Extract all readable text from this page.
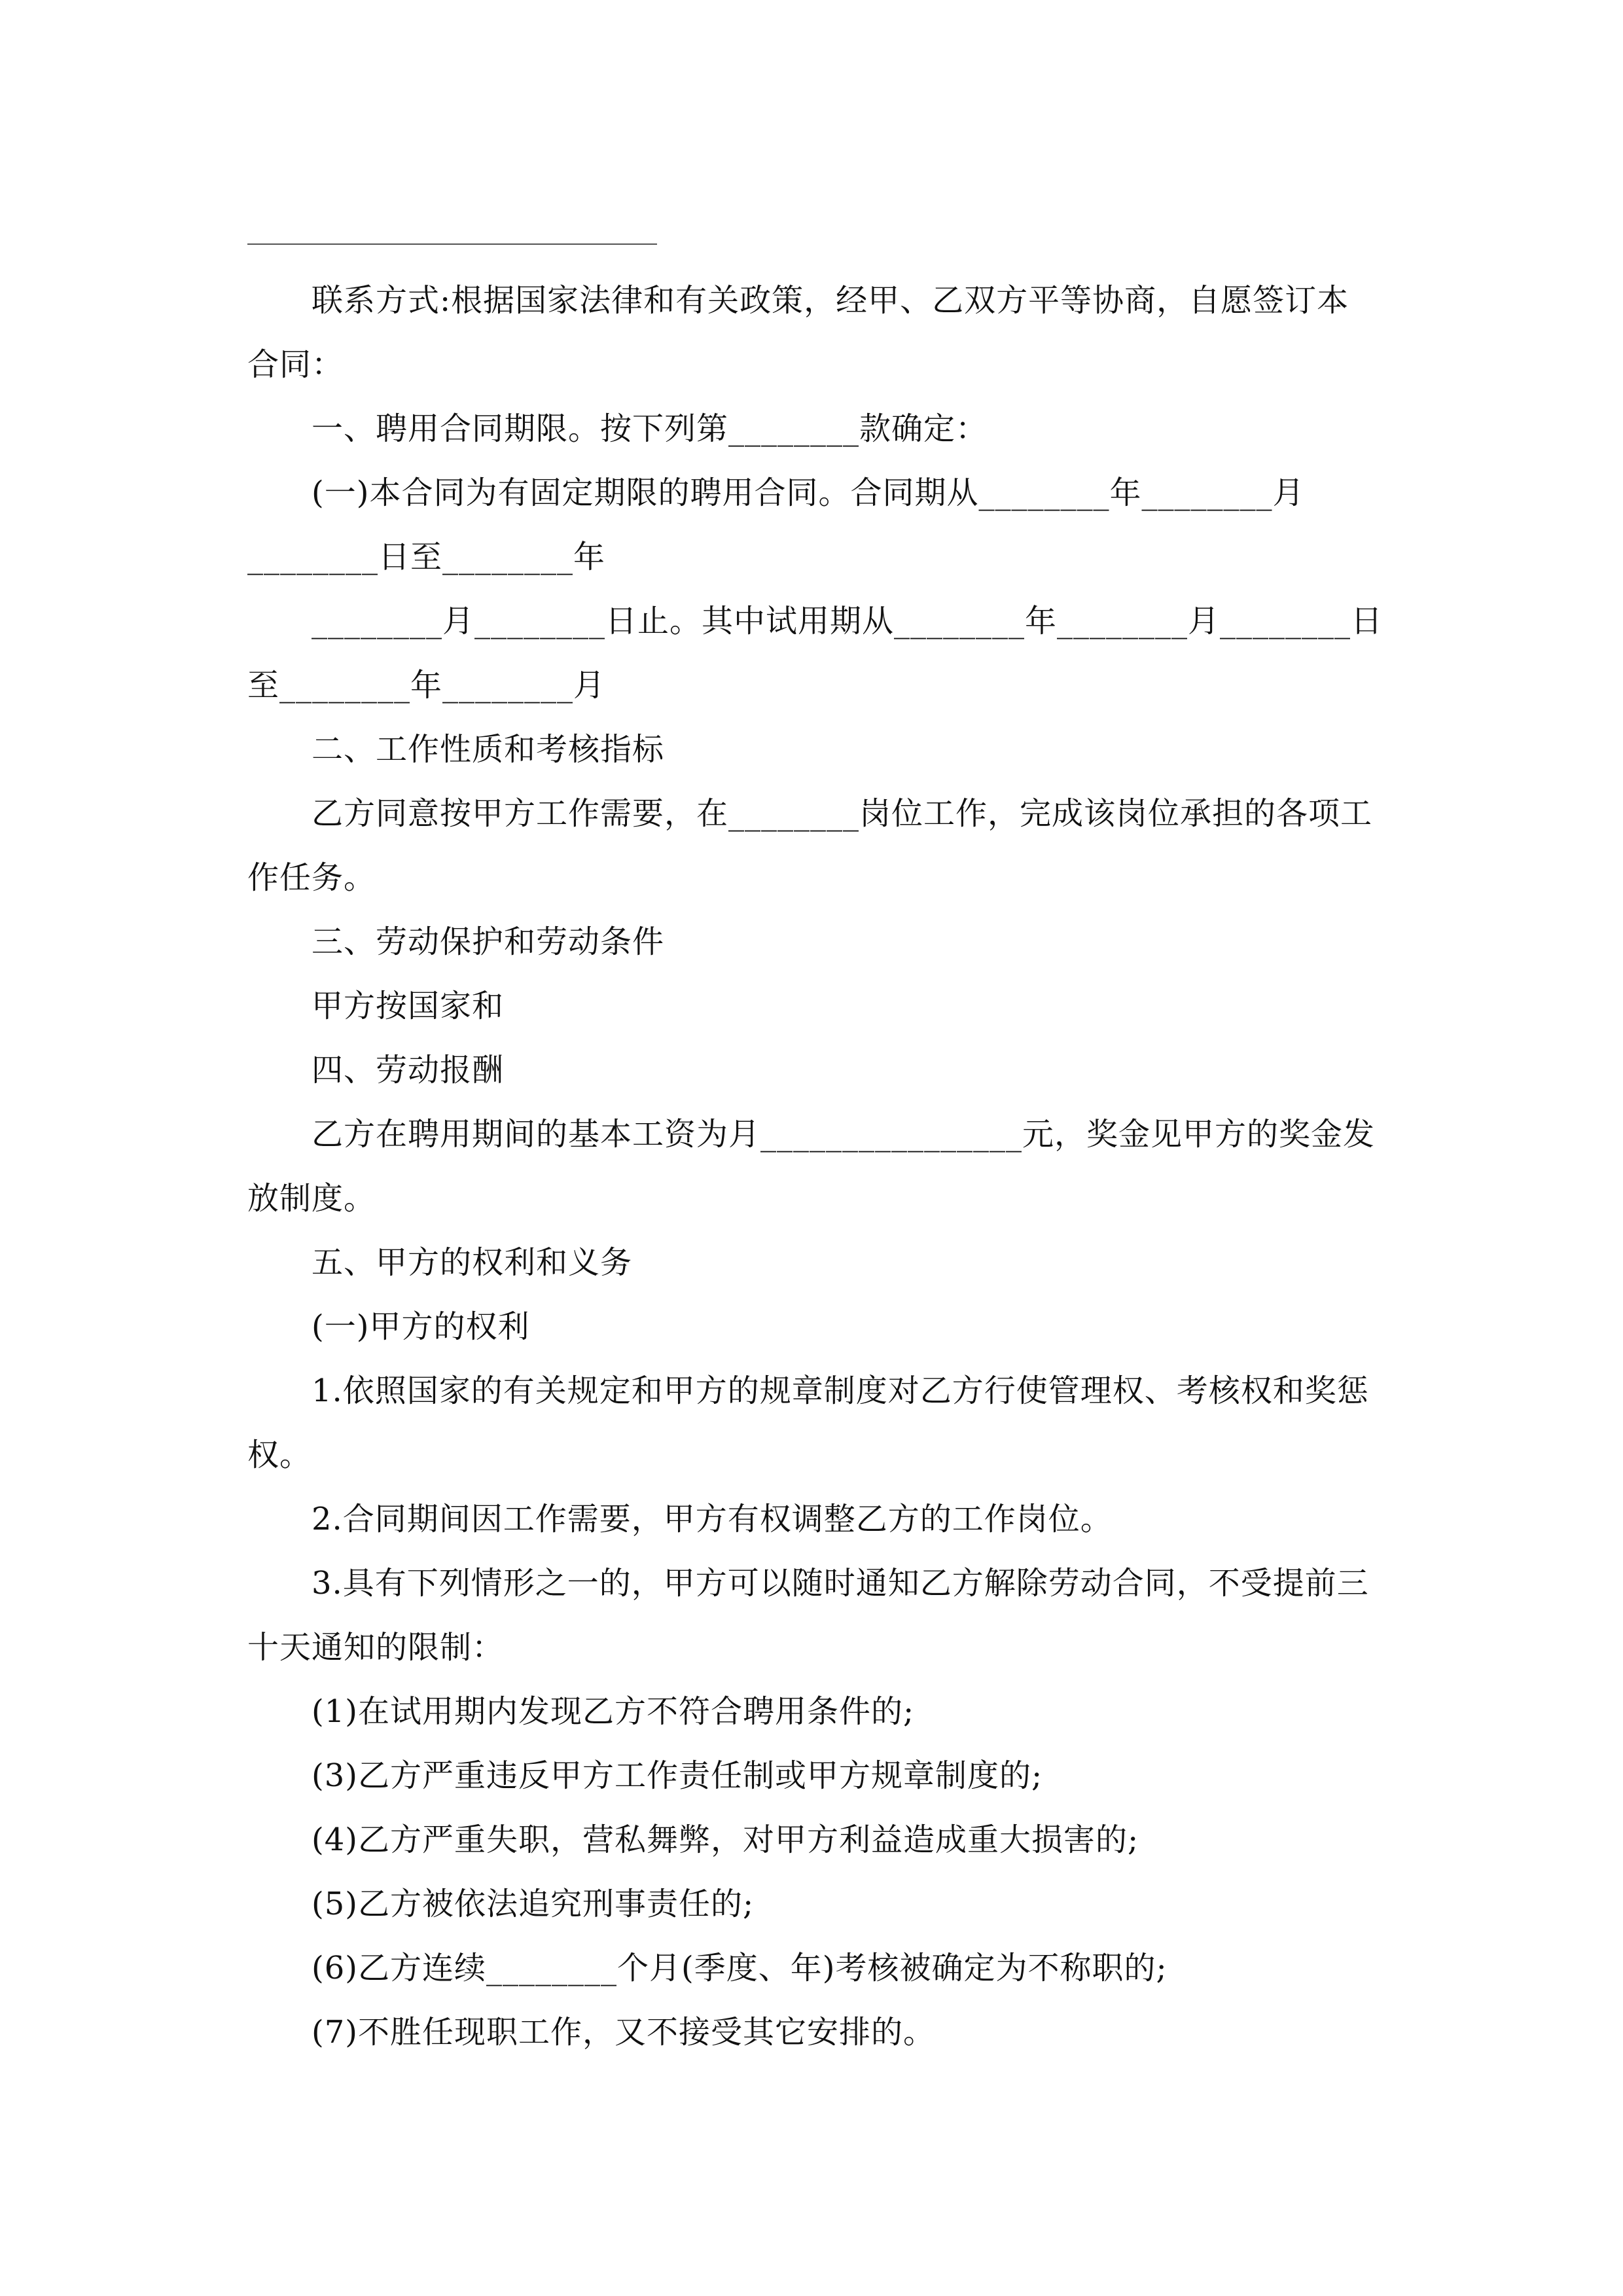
联系方式:根据国家法律和有关政策，经甲、乙双方平等协商，自愿签订本

合同：

一、聘用合同期限。按下列第________款确定：

(一)本合同为有固定期限的聘用合同。合同期从________年________月

________日至________年

________月________日止。其中试用期从________年________月________日

至________年________月

二、工作性质和考核指标

乙方同意按甲方工作需要，在________岗位工作，完成该岗位承担的各项工

作任务。

三、劳动保护和劳动条件

甲方按国家和

四、劳动报酬

乙方在聘用期间的基本工资为月________________元，奖金见甲方的奖金发

放制度。

五、甲方的权利和义务

(一)甲方的权利

1.依照国家的有关规定和甲方的规章制度对乙方行使管理权、考核权和奖惩

权。

2.合同期间因工作需要，甲方有权调整乙方的工作岗位。

3.具有下列情形之一的，甲方可以随时通知乙方解除劳动合同，不受提前三

十天通知的限制：

(1)在试用期内发现乙方不符合聘用条件的;

(3)乙方严重违反甲方工作责任制或甲方规章制度的;

(4)乙方严重失职，营私舞弊，对甲方利益造成重大损害的;

(5)乙方被依法追究刑事责任的;

(6)乙方连续________个月(季度、年)考核被确定为不称职的;

(7)不胜任现职工作，又不接受其它安排的。
